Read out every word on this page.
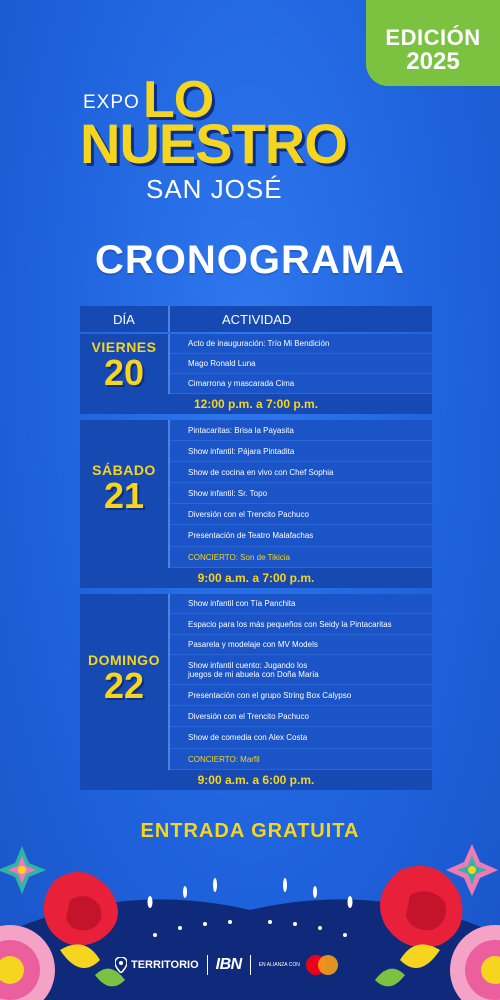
EDICIÓN
2025
EXPO LO
NUESTRO
SAN JOSÉ
CRONOGRAMA
DÍA	ACTIVIDAD
VIERNES
20
Acto de inauguración: Trío Mi Bendición
Mago Ronald Luna
Cimarrona y mascarada Cima
12:00 p.m. a 7:00 p.m.
SÁBADO
21
Pintacaritas: Brisa la Payasita
Show infantil: Pájara Pintadita
Show de cocina en vivo con Chef Sophia
Show infantil: Sr. Topo
Diversión con el Trencito Pachuco
Presentación de Teatro Malafachas
CONCIERTO: Son de Tikicia
9:00 a.m. a 7:00 p.m.
DOMINGO
22
Show infantil con Tía Panchita
Espacio para los más pequeños con Seidy la Pintacaritas
Pasarela y modelaje con MV Models
Show infantil cuento: Jugando los juegos de mi abuela con Doña María
Presentación con el grupo String Box Calypso
Diversión con el Trencito Pachuco
Show de comedia con Alex Costa
CONCIERTO: Marfil
9:00 a.m. a 6:00 p.m.
ENTRADA GRATUITA
TERRITORIO IBN	EN ALIANZA CON
